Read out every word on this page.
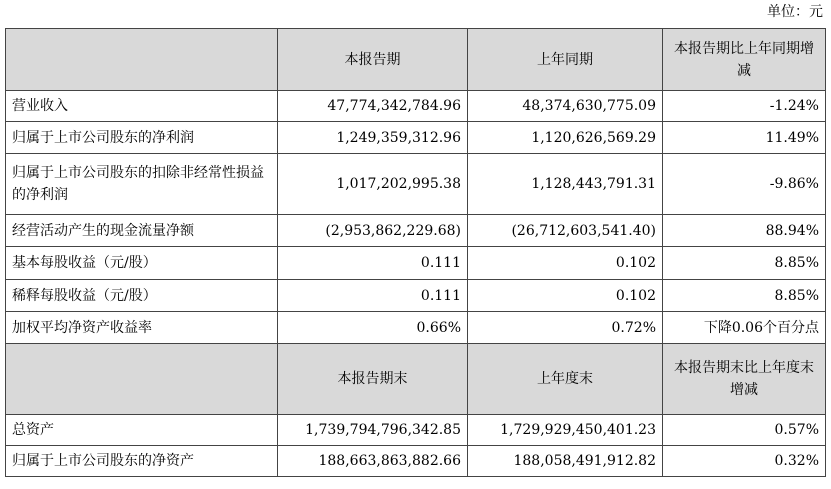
单位：元
	本报告期	上年同期	本报告期比上年同期增减
营业收入	47,774,342,784.96	48,374,630,775.09	-1.24%
归属于上市公司股东的净利润	1,249,359,312.96	1,120,626,569.29	11.49%
归属于上市公司股东的扣除非经常性损益的净利润	1,017,202,995.38	1,128,443,791.31	-9.86%
经营活动产生的现金流量净额	(2,953,862,229.68)	(26,712,603,541.40)	88.94%
基本每股收益（元/股）	0.111	0.102	8.85%
稀释每股收益（元/股）	0.111	0.102	8.85%
加权平均净资产收益率	0.66%	0.72%	下降0.06个百分点
	本报告期末	上年度末	本报告期末比上年度末增减
总资产	1,739,794,796,342.85	1,729,929,450,401.23	0.57%
归属于上市公司股东的净资产	188,663,863,882.66	188,058,491,912.82	0.32%
